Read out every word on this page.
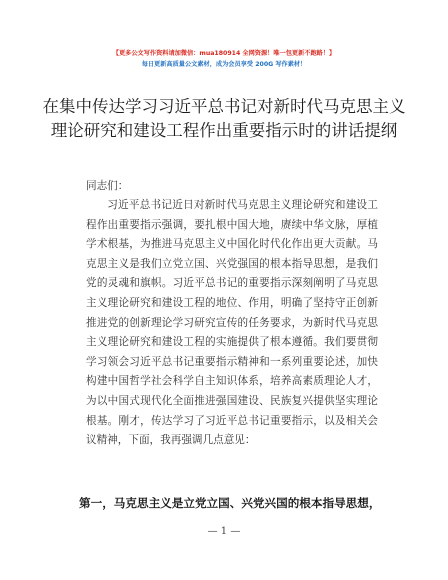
【更多公文写作资料请加微信：mua180914 全网资源！唯一包更新不跑路！】
每日更新高质量公文素材，成为会员享受 200G 写作素材！
在集中传达学习习近平总书记对新时代马克思主义理论研究和建设工程作出重要指示时的讲话提纲

同志们：

习近平总书记近日对新时代马克思主义理论研究和建设工程作出重要指示强调，要扎根中国大地，赓续中华文脉，厚植学术根基，为推进马克思主义中国化时代化作出更大贡献。马克思主义是我们立党立国、兴党强国的根本指导思想，是我们党的灵魂和旗帜。习近平总书记的重要指示深刻阐明了马克思主义理论研究和建设工程的地位、作用，明确了坚持守正创新推进党的创新理论学习研究宣传的任务要求，为新时代马克思主义理论研究和建设工程的实施提供了根本遵循。我们要贯彻学习领会习近平总书记重要指示精神和一系列重要论述，加快构建中国哲学社会科学自主知识体系，培养高素质理论人才，为以中国式现代化全面推进强国建设、民族复兴提供坚实理论根基。刚才，传达学习了习近平总书记重要指示，以及相关会议精神，下面，我再强调几点意见：

第一，马克思主义是立党立国、兴党兴国的根本指导思想，
— 1 —
